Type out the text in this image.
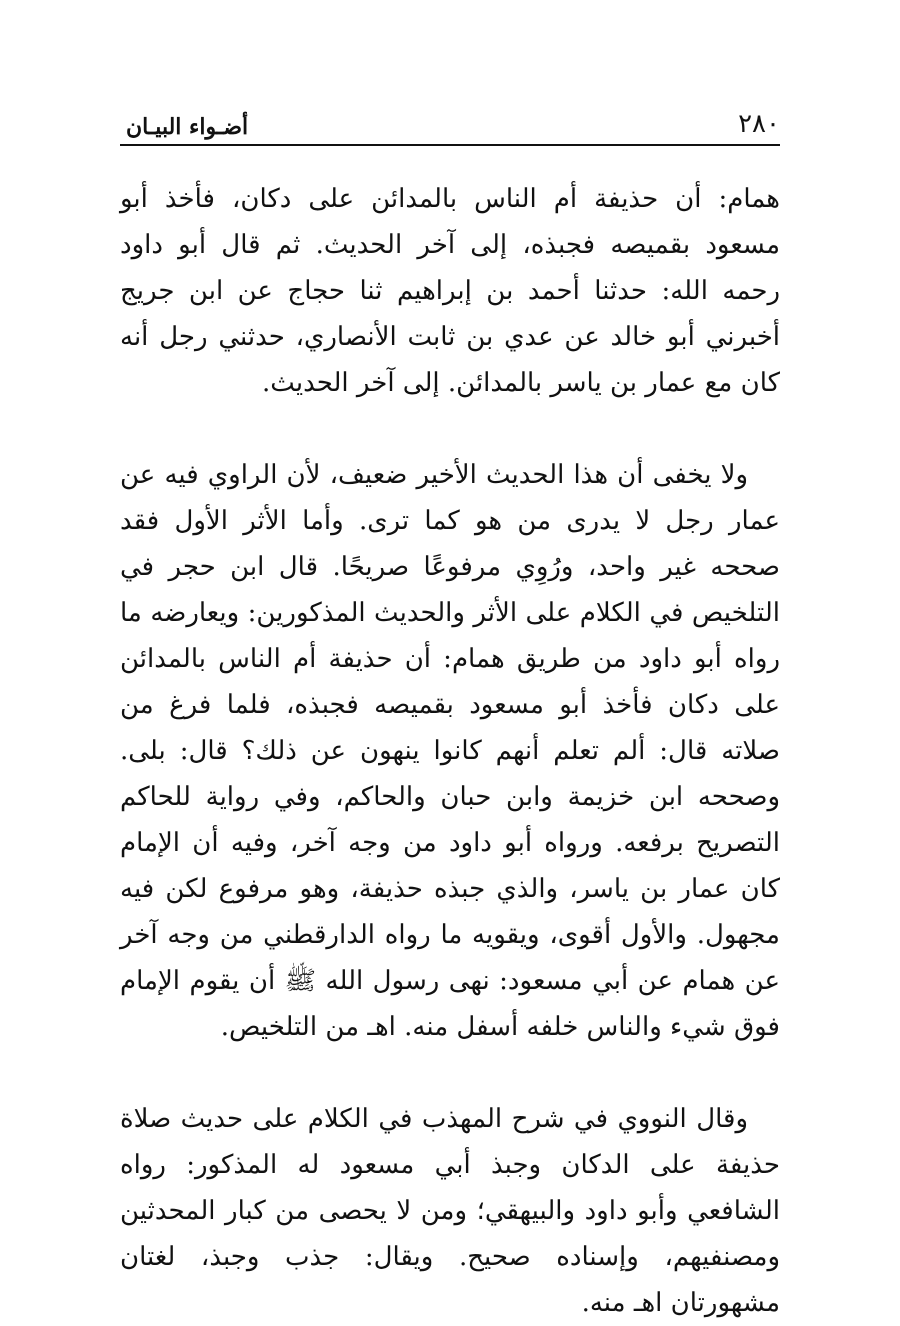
٢٨٠
أضـواء البيـان

همام: أن حذيفة أم الناس بالمدائن على دكان، فأخذ أبو مسعود بقميصه فجبذه، إلى آخر الحديث. ثم قال أبو داود رحمه الله: حدثنا أحمد بن إبراهيم ثنا حجاج عن ابن جريج أخبرني أبو خالد عن عدي بن ثابت الأنصاري، حدثني رجل أنه كان مع عمار بن ياسر بالمدائن. إلى آخر الحديث.

ولا يخفى أن هذا الحديث الأخير ضعيف، لأن الراوي فيه عن عمار رجل لا يدرى من هو كما ترى. وأما الأثر الأول فقد صححه غير واحد، ورُوِي مرفوعًا صريحًا. قال ابن حجر في التلخيص في الكلام على الأثر والحديث المذكورين: ويعارضه ما رواه أبو داود من طريق همام: أن حذيفة أم الناس بالمدائن على دكان فأخذ أبو مسعود بقميصه فجبذه، فلما فرغ من صلاته قال: ألم تعلم أنهم كانوا ينهون عن ذلك؟ قال: بلى. وصححه ابن خزيمة وابن حبان والحاكم، وفي رواية للحاكم التصريح برفعه. ورواه أبو داود من وجه آخر، وفيه أن الإمام كان عمار بن ياسر، والذي جبذه حذيفة، وهو مرفوع لكن فيه مجهول. والأول أقوى، ويقويه ما رواه الدارقطني من وجه آخر عن همام عن أبي مسعود: نهى رسول الله ﷺ أن يقوم الإمام فوق شيء والناس خلفه أسفل منه. اهـ من التلخيص.

وقال النووي في شرح المهذب في الكلام على حديث صلاة حذيفة على الدكان وجبذ أبي مسعود له المذكور: رواه الشافعي وأبو داود والبيهقي؛ ومن لا يحصى من كبار المحدثين ومصنفيهم، وإسناده صحيح. ويقال: جذب وجبذ، لغتان مشهورتان اهـ منه.
